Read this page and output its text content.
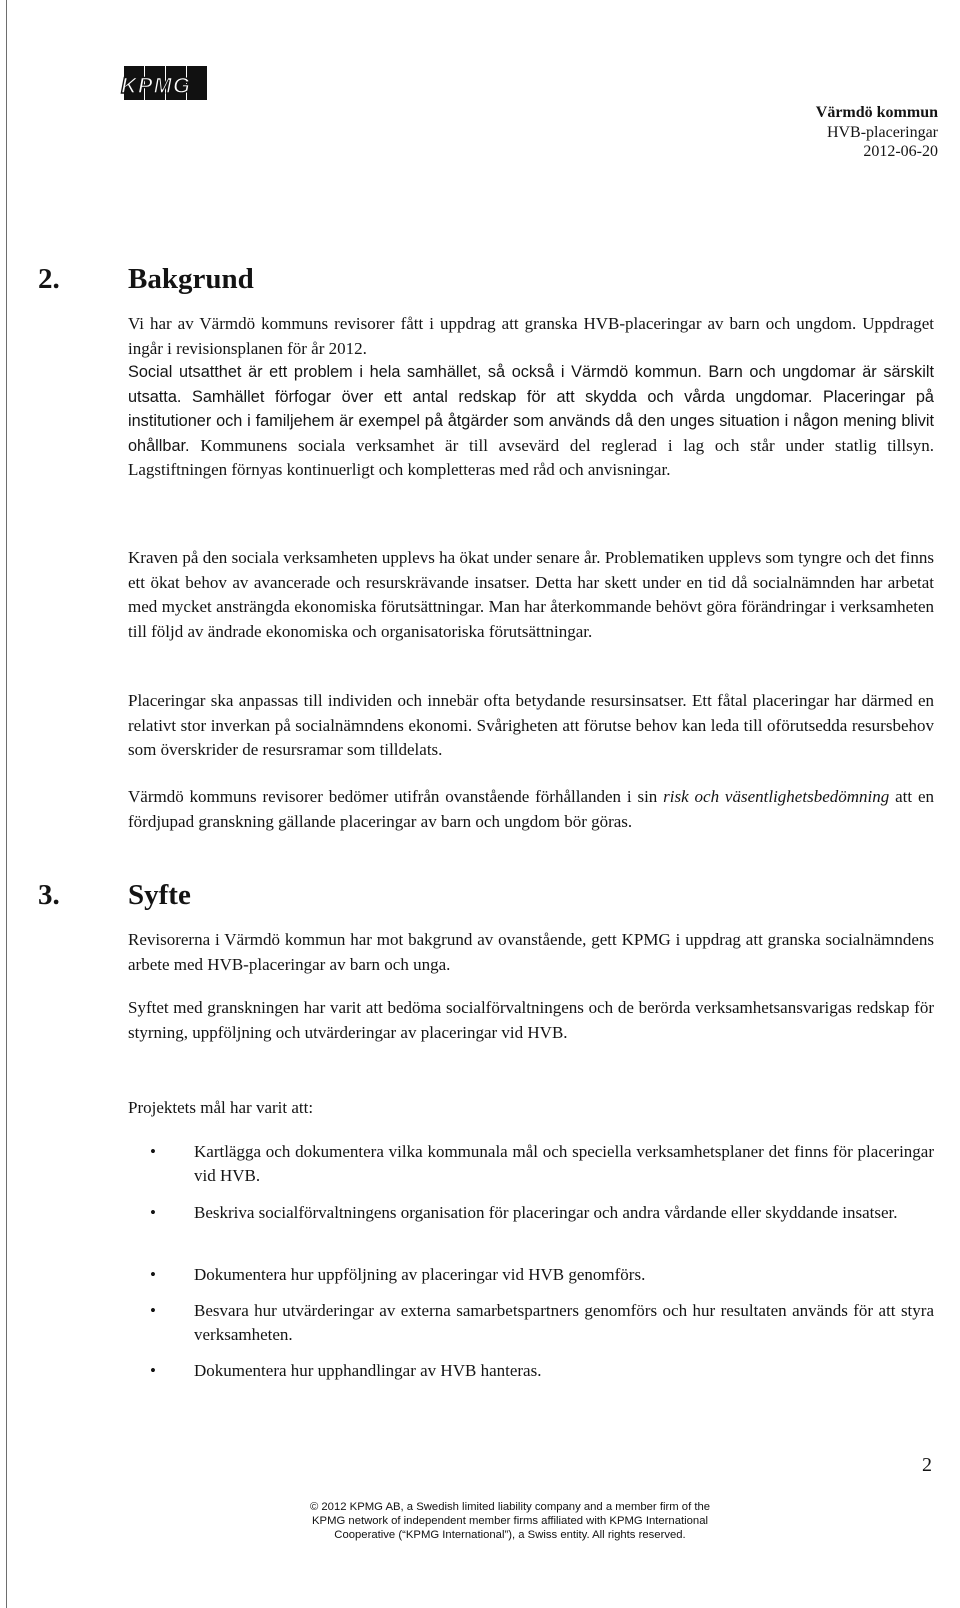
KPMG
Värmdö kommun
HVB-placeringar
2012-06-20
2. Bakgrund

Vi har av Värmdö kommuns revisorer fått i uppdrag att granska HVB-placeringar av barn och ungdom. Uppdraget ingår i revisionsplanen för år 2012.

Social utsatthet är ett problem i hela samhället, så också i Värmdö kommun. Barn och ungdomar är särskilt utsatta. Samhället förfogar över ett antal redskap för att skydda och vårda ungdomar. Placeringar på institutioner och i familjehem är exempel på åtgärder som används då den unges situation i någon mening blivit ohållbar. Kommunens sociala verksamhet är till avsevärd del reglerad i lag och står under statlig tillsyn. Lagstiftningen förnyas kontinuerligt och kompletteras med råd och anvisningar.

Kraven på den sociala verksamheten upplevs ha ökat under senare år. Problematiken upplevs som tyngre och det finns ett ökat behov av avancerade och resurskrävande insatser. Detta har skett under en tid då socialnämnden har arbetat med mycket ansträngda ekonomiska förutsättningar. Man har återkommande behövt göra förändringar i verksamheten till följd av ändrade ekonomiska och organisatoriska förutsättningar.

Placeringar ska anpassas till individen och innebär ofta betydande resursinsatser. Ett fåtal placeringar har därmed en relativt stor inverkan på socialnämndens ekonomi. Svårigheten att förutse behov kan leda till oförutsedda resursbehov som överskrider de resursramar som tilldelats.

Värmdö kommuns revisorer bedömer utifrån ovanstående förhållanden i sin risk och väsentlighetsbedömning att en fördjupad granskning gällande placeringar av barn och ungdom bör göras.

3. Syfte

Revisorerna i Värmdö kommun har mot bakgrund av ovanstående, gett KPMG i uppdrag att granska socialnämndens arbete med HVB-placeringar av barn och unga.

Syftet med granskningen har varit att bedöma socialförvaltningens och de berörda verksamhetsansvarigas redskap för styrning, uppföljning och utvärderingar av placeringar vid HVB.

Projektets mål har varit att:

• Kartlägga och dokumentera vilka kommunala mål och speciella verksamhetsplaner det finns för placeringar vid HVB.
• Beskriva socialförvaltningens organisation för placeringar och andra vårdande eller skyddande insatser.
• Dokumentera hur uppföljning av placeringar vid HVB genomförs.
• Besvara hur utvärderingar av externa samarbetspartners genomförs och hur resultaten används för att styra verksamheten.
• Dokumentera hur upphandlingar av HVB hanteras.
2
© 2012 KPMG AB, a Swedish limited liability company and a member firm of the
KPMG network of independent member firms affiliated with KPMG International
Cooperative (“KPMG International”), a Swiss entity. All rights reserved.
